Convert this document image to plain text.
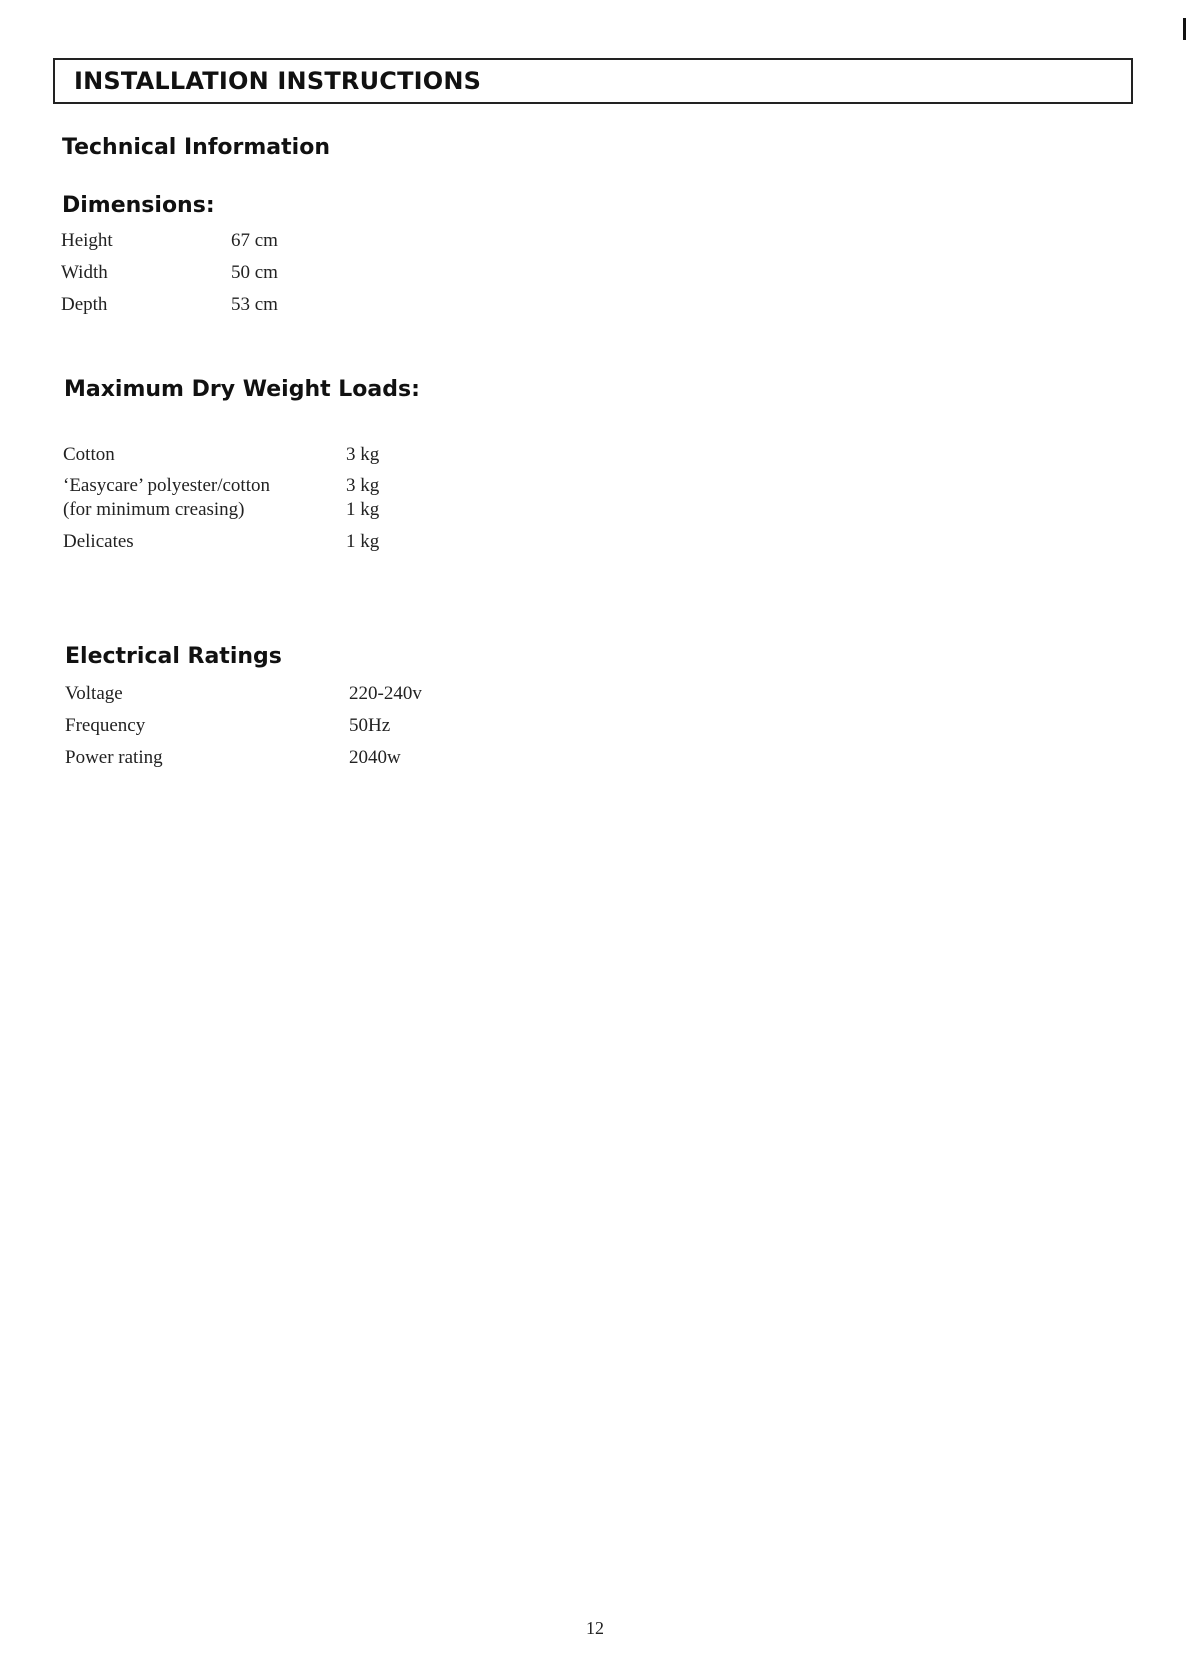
INSTALLATION INSTRUCTIONS
Technical Information
Dimensions:
Height	67 cm
Width	50 cm
Depth	53 cm
Maximum Dry Weight Loads:
Cotton	3 kg
‘Easycare’ polyester/cotton	3 kg
(for minimum creasing)	1 kg
Delicates	1 kg
Electrical Ratings
Voltage	220-240v
Frequency	50Hz
Power rating	2040w
12
